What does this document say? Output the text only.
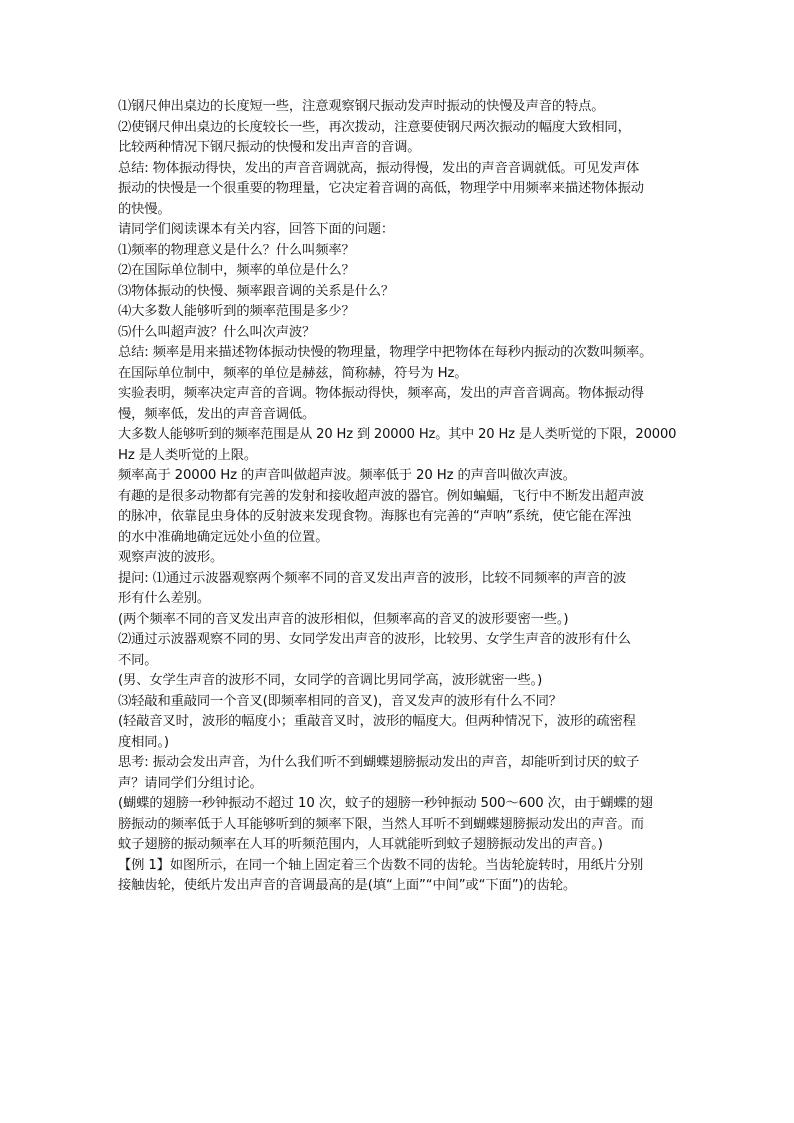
⑴钢尺伸出桌边的长度短一些，注意观察钢尺振动发声时振动的快慢及声音的特点。
⑵使钢尺伸出桌边的长度较长一些，再次拨动，注意要使钢尺两次振动的幅度大致相同，
比较两种情况下钢尺振动的快慢和发出声音的音调。
总结: 物体振动得快，发出的声音音调就高，振动得慢，发出的声音音调就低。可见发声体
振动的快慢是一个很重要的物理量，它决定着音调的高低，物理学中用频率来描述物体振动
的快慢。
请同学们阅读课本有关内容，回答下面的问题：
⑴频率的物理意义是什么？什么叫频率？
⑵在国际单位制中，频率的单位是什么？
⑶物体振动的快慢、频率跟音调的关系是什么？
⑷大多数人能够听到的频率范围是多少？
⑸什么叫超声波？什么叫次声波？
总结: 频率是用来描述物体振动快慢的物理量，物理学中把物体在每秒内振动的次数叫频率。
在国际单位制中，频率的单位是赫兹，简称赫，符号为 Hz。
实验表明，频率决定声音的音调。物体振动得快，频率高，发出的声音音调高。物体振动得
慢，频率低，发出的声音音调低。
大多数人能够听到的频率范围是从 20 Hz 到 20000 Hz。其中 20 Hz 是人类听觉的下限，20000
Hz 是人类听觉的上限。
频率高于 20000 Hz 的声音叫做超声波。频率低于 20 Hz 的声音叫做次声波。
有趣的是很多动物都有完善的发射和接收超声波的器官。例如蝙蝠，飞行中不断发出超声波
的脉冲，依靠昆虫身体的反射波来发现食物。海豚也有完善的“声呐”系统，使它能在浑浊
的水中准确地确定远处小鱼的位置。
观察声波的波形。
提问: ⑴通过示波器观察两个频率不同的音叉发出声音的波形，比较不同频率的声音的波
形有什么差别。
(两个频率不同的音叉发出声音的波形相似，但频率高的音叉的波形要密一些。)
⑵通过示波器观察不同的男、女同学发出声音的波形，比较男、女学生声音的波形有什么
不同。
(男、女学生声音的波形不同，女同学的音调比男同学高，波形就密一些。)
⑶轻敲和重敲同一个音叉(即频率相同的音叉)，音叉发声的波形有什么不同？
(轻敲音叉时，波形的幅度小；重敲音叉时，波形的幅度大。但两种情况下，波形的疏密程
度相同。)
思考: 振动会发出声音，为什么我们听不到蝴蝶翅膀振动发出的声音，却能听到讨厌的蚊子
声？请同学们分组讨论。
(蝴蝶的翅膀一秒钟振动不超过 10 次，蚊子的翅膀一秒钟振动 500～600 次，由于蝴蝶的翅
膀振动的频率低于人耳能够听到的频率下限，当然人耳听不到蝴蝶翅膀振动发出的声音。而
蚊子翅膀的振动频率在人耳的听频范围内，人耳就能听到蚊子翅膀振动发出的声音。)
【例 1】如图所示，在同一个轴上固定着三个齿数不同的齿轮。当齿轮旋转时，用纸片分别
接触齿轮，使纸片发出声音的音调最高的是(填“上面”“中间”或“下面”)的齿轮。
